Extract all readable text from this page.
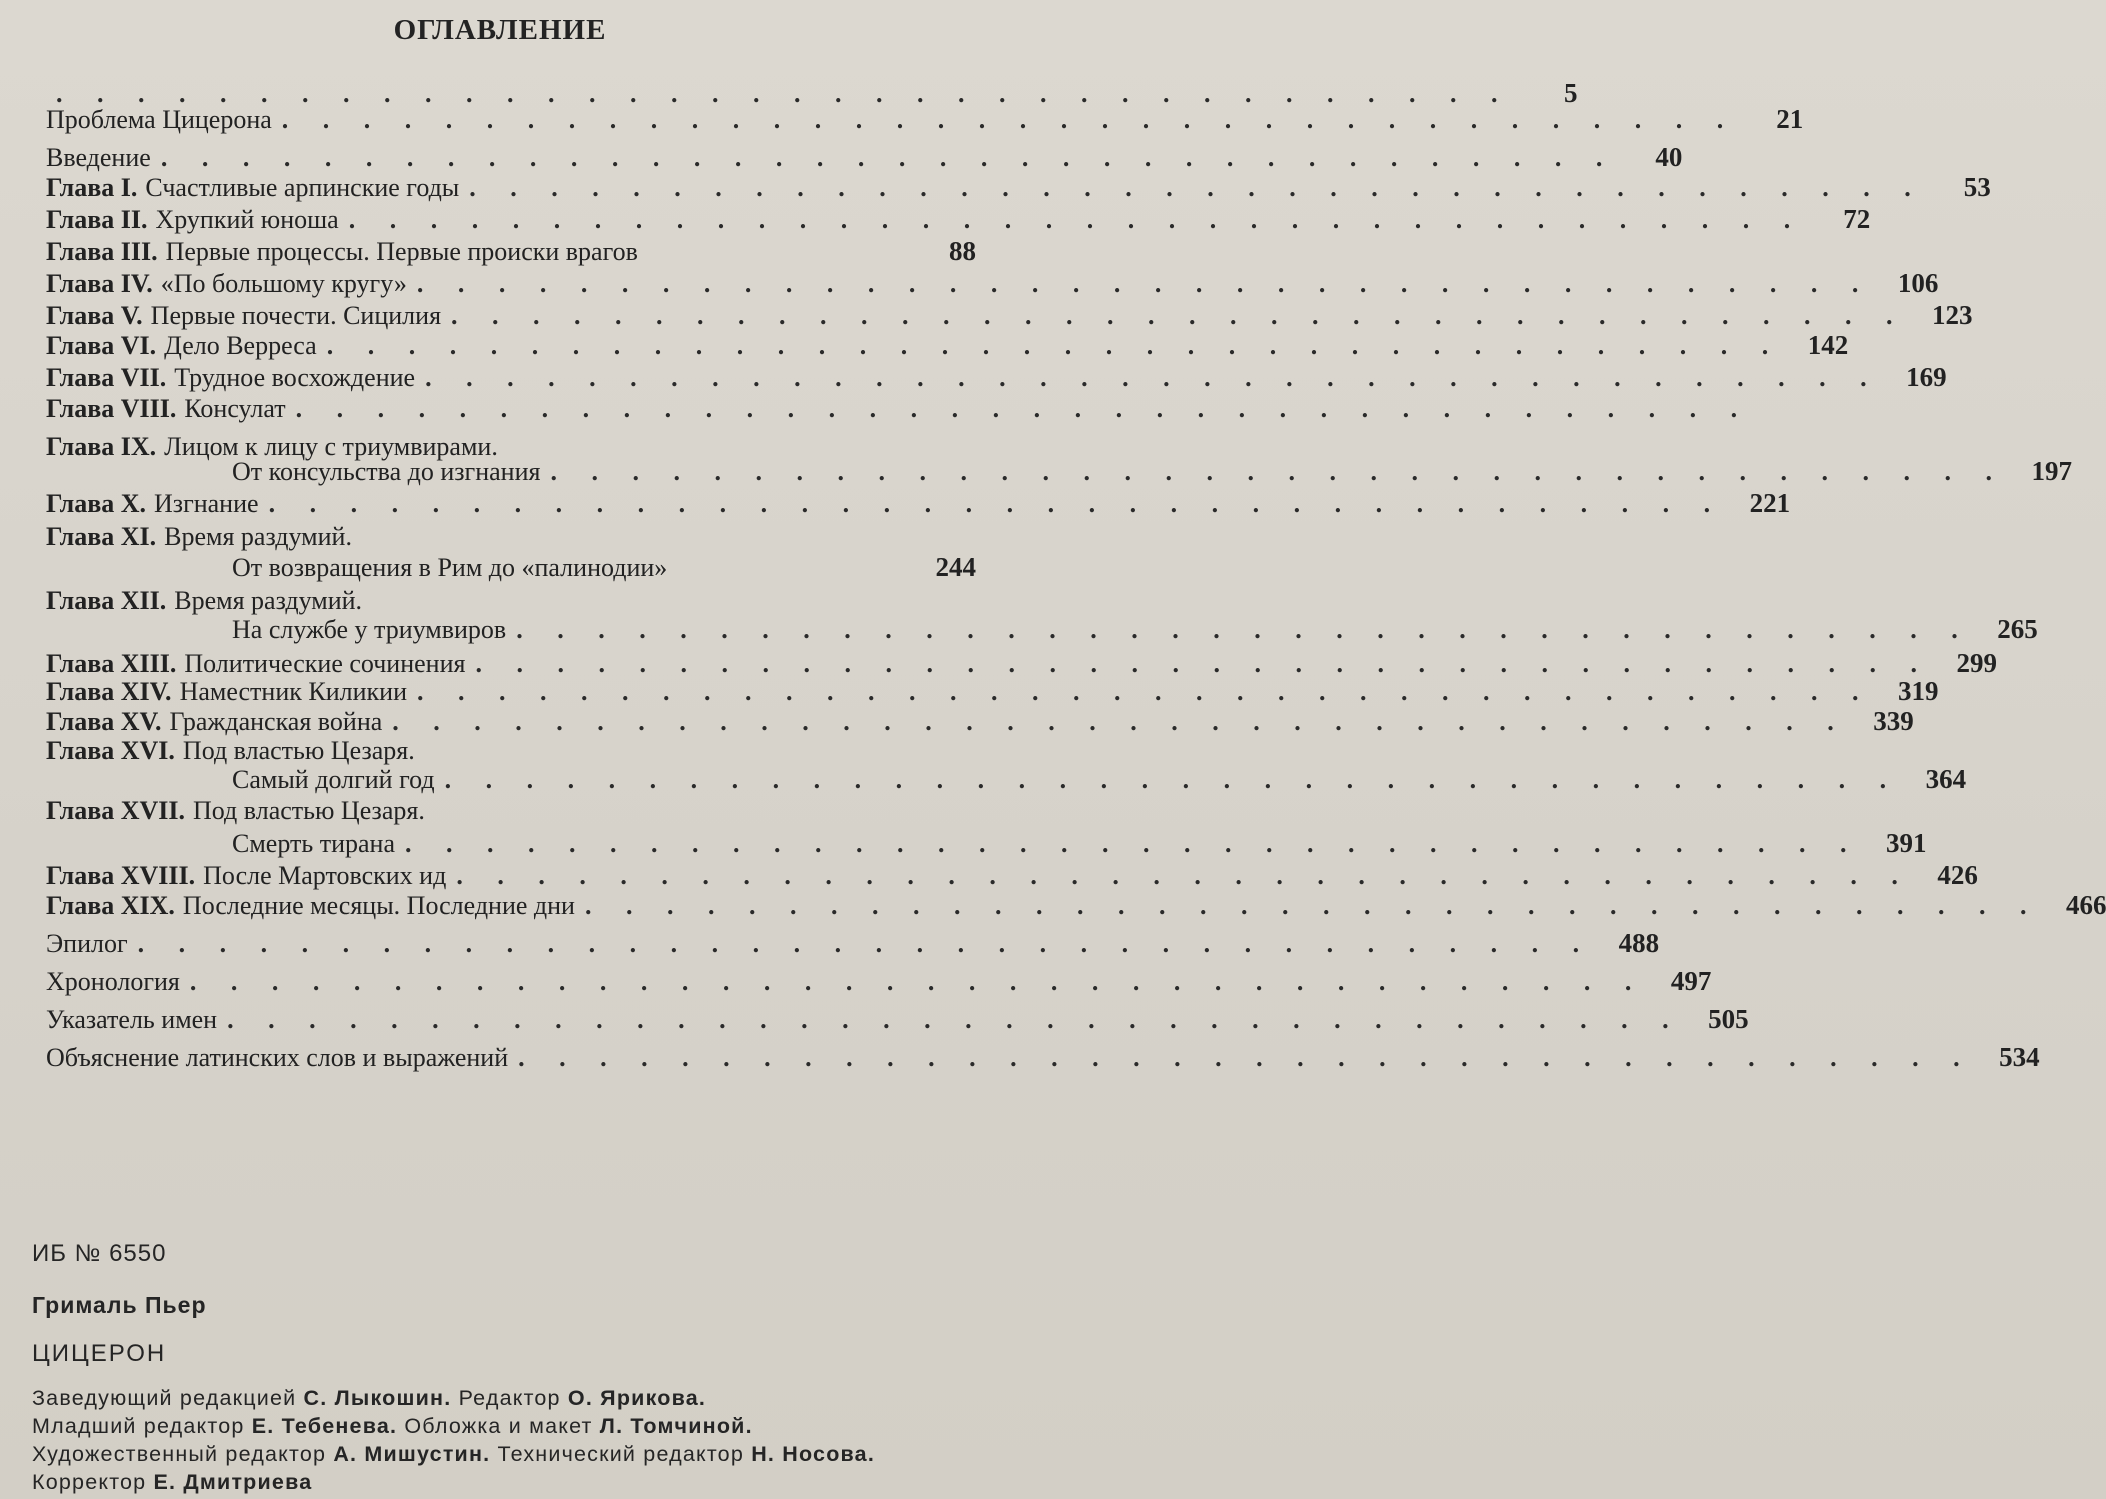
ОГЛАВЛЕНИЕ
. . . . . . . . . . . . . . . . . . . . . . . . . . . . . . . . . . . .	5
Проблема Цицерона . . . . . . . . . . . . . . . . . . . . . . . . . . . . . . . . . . . .	21
Введение . . . . . . . . . . . . . . . . . . . . . . . . . . . . . . . . . . . .	40
Глава I. Счастливые арпинские годы . . . . . . . . . . . . . . . . . . . . . . . . . . . . . . . . . . . .	53
Глава II. Хрупкий юноша . . . . . . . . . . . . . . . . . . . . . . . . . . . . . . . . . . . .	72
Глава III. Первые процессы. Первые происки врагов	88
Глава IV. «По большому кругу» . . . . . . . . . . . . . . . . . . . . . . . . . . . . . . . . . . . . 106
Глава V. Первые почести. Сицилия . . . . . . . . . . . . . . . . . . . . . . . . . . . . . . . . . . . . 123
Глава VI. Дело Верреса . . . . . . . . . . . . . . . . . . . . . . . . . . . . . . . . . . . . 142
Глава VII. Трудное восхождение . . . . . . . . . . . . . . . . . . . . . . . . . . . . . . . . . . . . 169
Глава VIII. Консулат . . . . . . . . . . . . . . . . . . . . . . . . . . . . . . . . . . . .
Глава IX. Лицом к лицу с триумвирами.
От консульства до изгнания . . . . . . . . . . . . . . . . . . . . . . . . . . . . . . . . . . . . 197
Глава X. Изгнание . . . . . . . . . . . . . . . . . . . . . . . . . . . . . . . . . . . . 221
Глава XI. Время раздумий.
От возвращения в Рим до «палинодии»	244
Глава XII. Время раздумий.
На службе у триумвиров . . . . . . . . . . . . . . . . . . . . . . . . . . . . . . . . . . . . 265
Глава XIII. Политические сочинения . . . . . . . . . . . . . . . . . . . . . . . . . . . . . . . . . . . . 299
Глава XIV. Наместник Киликии . . . . . . . . . . . . . . . . . . . . . . . . . . . . . . . . . . . . 319
Глава XV. Гражданская война . . . . . . . . . . . . . . . . . . . . . . . . . . . . . . . . . . . . 339
Глава XVI. Под властью Цезаря.
Самый долгий год . . . . . . . . . . . . . . . . . . . . . . . . . . . . . . . . . . . . 364
Глава XVII. Под властью Цезаря.
Смерть тирана . . . . . . . . . . . . . . . . . . . . . . . . . . . . . . . . . . . . 391
Глава XVIII. После Мартовских ид . . . . . . . . . . . . . . . . . . . . . . . . . . . . . . . . . . . . 426
Глава XIX. Последние месяцы. Последние дни . . . . . . . . . . . . . . . . . . . . . . . . . . . . . . . . . . . . 466
Эпилог . . . . . . . . . . . . . . . . . . . . . . . . . . . . . . . . . . . . 488
Хронология . . . . . . . . . . . . . . . . . . . . . . . . . . . . . . . . . . . . 497
Указатель имен . . . . . . . . . . . . . . . . . . . . . . . . . . . . . . . . . . . . 505
Объяснение латинских слов и выражений . . . . . . . . . . . . . . . . . . . . . . . . . . . . . . . . . . . . 534
ИБ № 6550
Грималь Пьер
ЦИЦЕРОН
Заведующий редакцией С. Лыкошин. Редактор О. Ярикова.
Младший редактор Е. Тебенева. Обложка и макет Л. Томчиной.
Художественный редактор А. Мишустин. Технический редактор Н. Носова. Корректор Е. Дмитриева
